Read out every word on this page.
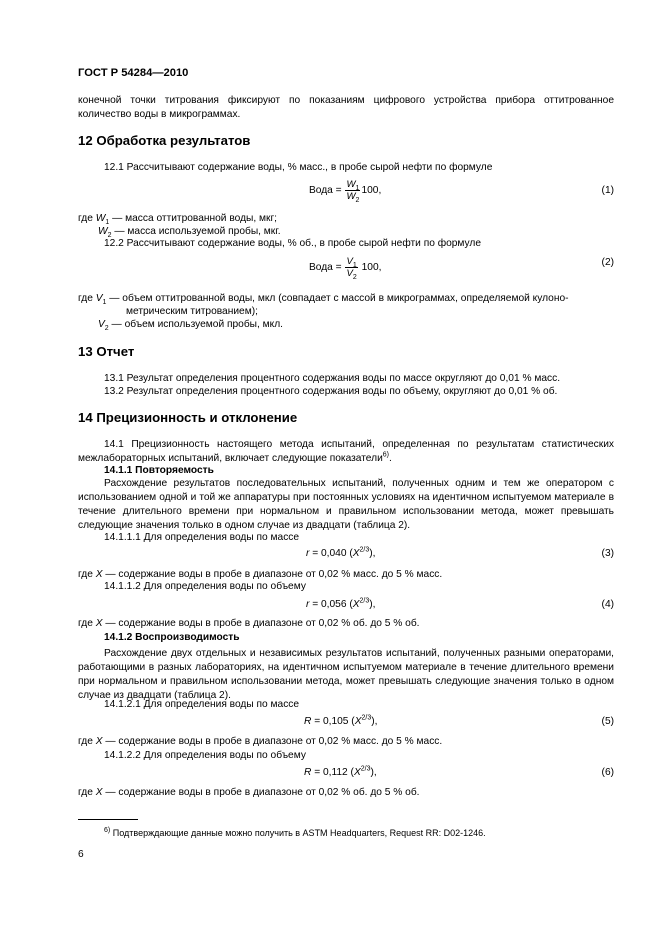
ГОСТ Р 54284—2010
конечной точки титрования фиксируют по показаниям цифрового устройства прибора оттитрованное количество воды в микрограммах.
12 Обработка результатов
12.1 Рассчитывают содержание воды, % масс., в пробе сырой нефти по формуле
Вода = $\frac{W_1}{W_2} 100$,	(1)
где $W_1$ — масса оттитрованной воды, мкг;
$W_2$ — масса используемой пробы, мкг.
12.2 Рассчитывают содержание воды, % об., в пробе сырой нефти по формуле
Вода = $\frac{V_1}{V_2} 100$,	(2)
где $V_1$ — объем оттитрованной воды, мкл (совпадает с массой в микрограммах, определяемой кулоно-
метрическим титрованием);
$V_2$ — объем используемой пробы, мкл.
13 Отчет
13.1 Результат определения процентного содержания воды по массе округляют до 0,01 % масс.
13.2 Результат определения процентного содержания воды по объему, округляют до 0,01 % об.
14 Прецизионность и отклонение
14.1 Прецизионность настоящего метода испытаний, определенная по результатам статистических межлабораторных испытаний, включает следующие показатели$^{6)}$.
14.1.1 Повторяемость
Расхождение результатов последовательных испытаний, полученных одним и тем же оператором с использованием одной и той же аппаратуры при постоянных условиях на идентичном испытуемом материале в течение длительного времени при нормальном и правильном использовании метода, может превышать следующие значения только в одном случае из двадцати (таблица 2).
14.1.1.1 Для определения воды по массе
r = 0,040 $(X^{2/3})$,	(3)
где X — содержание воды в пробе в диапазоне от 0,02 % масс. до 5 % масс.
14.1.1.2 Для определения воды по объему
r = 0,056 $(X^{2/3})$,	(4)
где X — содержание воды в пробе в диапазоне от 0,02 % об. до 5 % об.
14.1.2 Воспроизводимость
Расхождение двух отдельных и независимых результатов испытаний, полученных разными операторами, работающими в разных лабораториях, на идентичном испытуемом материале в течение длительного времени при нормальном и правильном использовании метода, может превышать следующие значения только в одном случае из двадцати (таблица 2).
14.1.2.1 Для определения воды по массе
R = 0,105 $(X^{2/3})$,	(5)
где X — содержание воды в пробе в диапазоне от 0,02 % масс. до 5 % масс.
14.1.2.2 Для определения воды по объему
R = 0,112 $(X^{2/3})$,	(6)
где X — содержание воды в пробе в диапазоне от 0,02 % об. до 5 % об.
$^{6)}$ Подтверждающие данные можно получить в ASTM Headquarters, Request RR: D02-1246.
6
